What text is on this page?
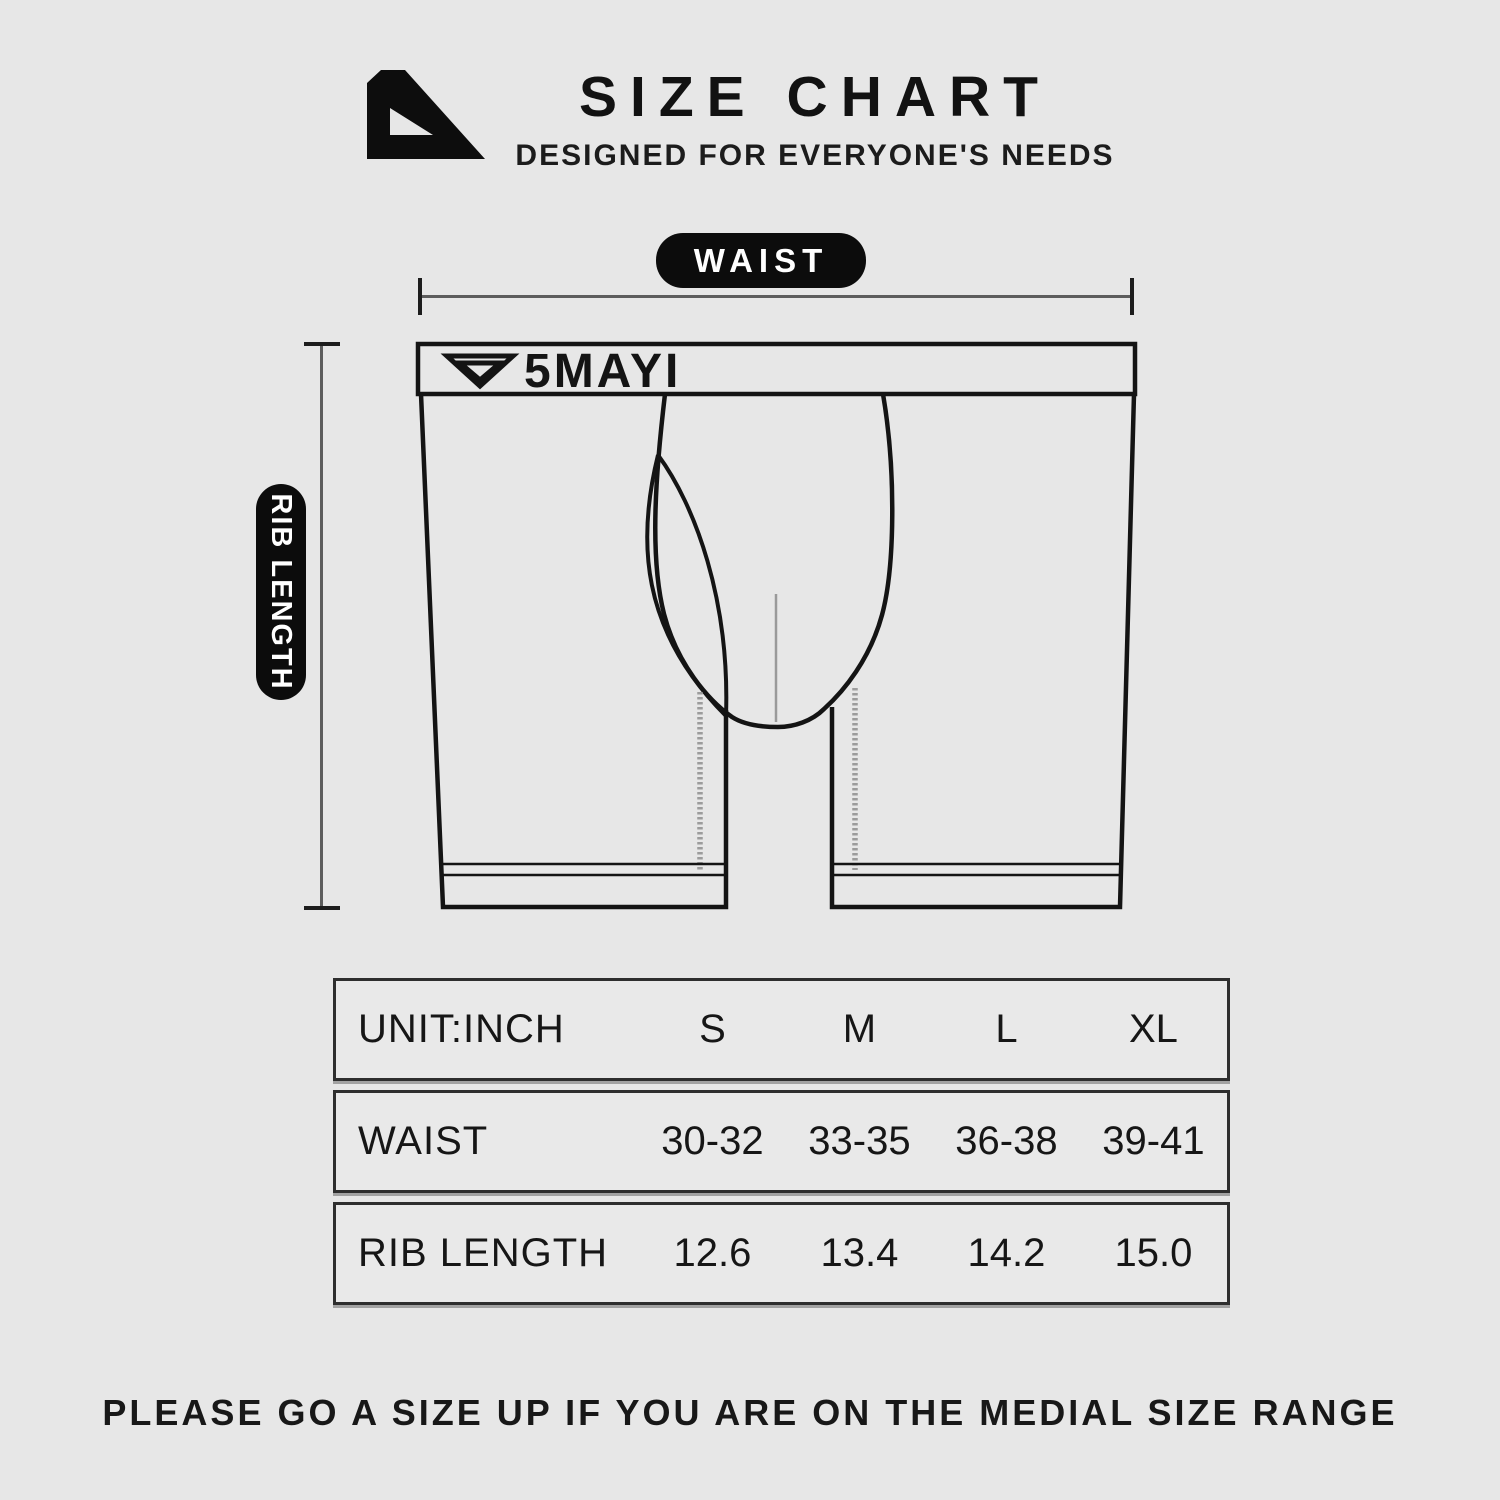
SIZE CHART
DESIGNED FOR EVERYONE'S NEEDS
WAIST
RIB LENGTH
5MAYI
UNIT:INCH	S	M	L	XL
WAIST	30-32	33-35	36-38	39-41
RIB LENGTH	12.6	13.4	14.2	15.0
PLEASE GO A SIZE UP IF YOU ARE ON THE MEDIAL SIZE RANGE
